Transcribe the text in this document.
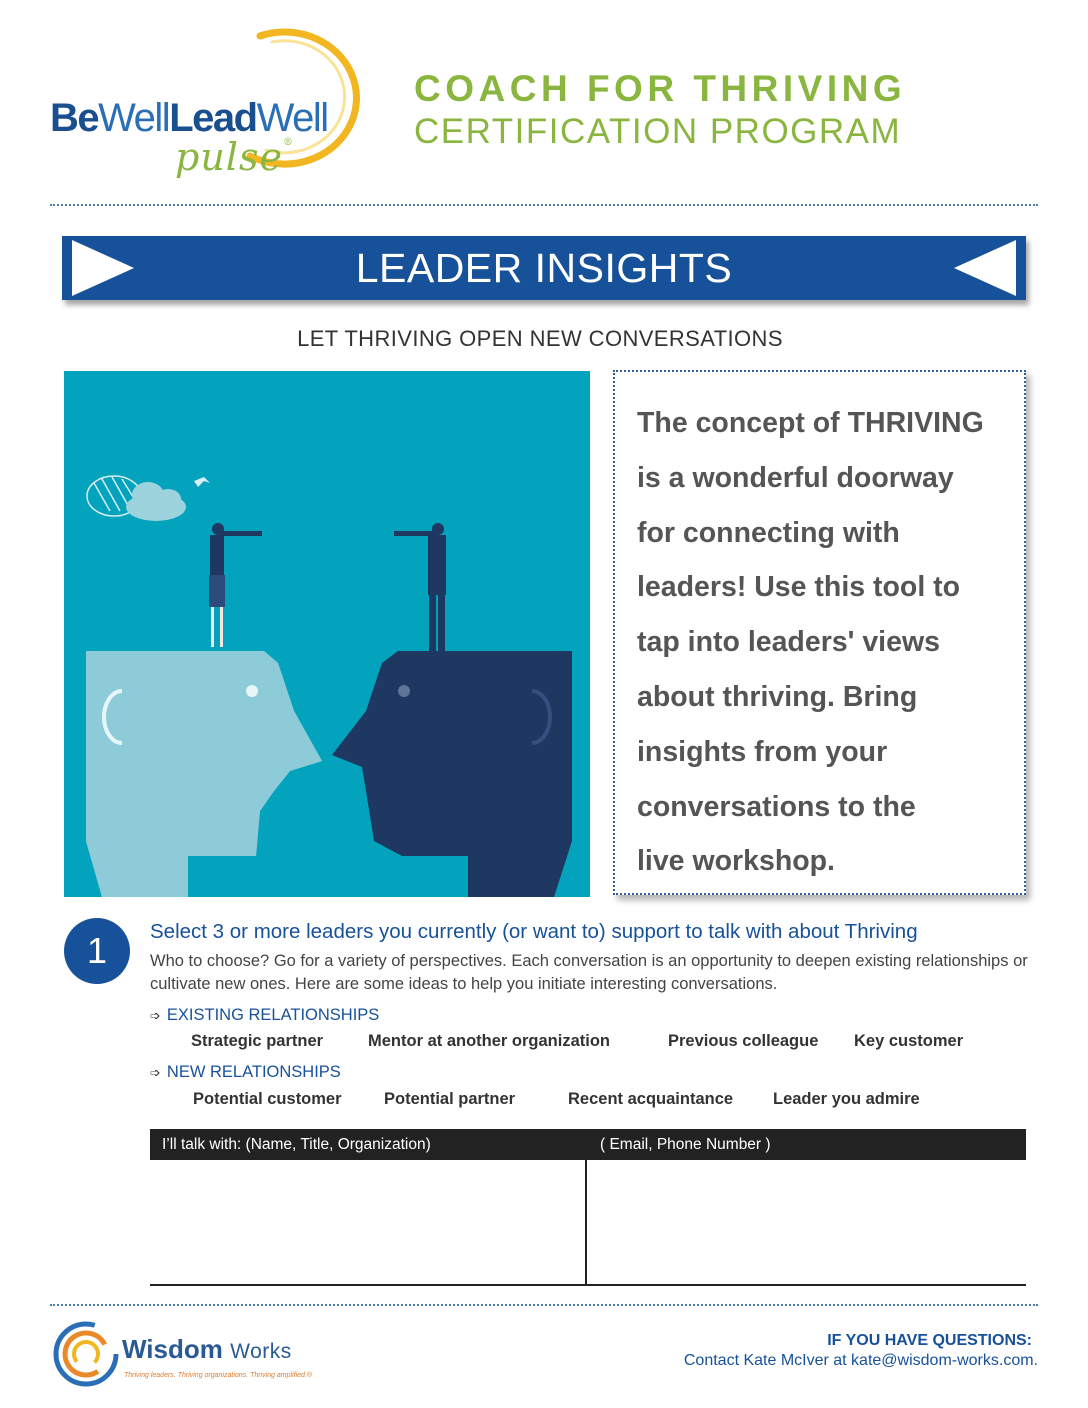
BeWellLeadWell
pulse®
COACH FOR THRIVING
CERTIFICATION PROGRAM
LEADER INSIGHTS
LET THRIVING OPEN NEW CONVERSATIONS
The concept of THRIVING
is a wonderful doorway
for connecting with
leaders! Use this tool to
tap into leaders' views
about thriving. Bring
insights from your
conversations to the
live workshop.
1	Select 3 or more leaders you currently (or want to) support to talk with about Thriving
Who to choose? Go for a variety of perspectives. Each conversation is an opportunity to deepen existing relationships or cultivate new ones. Here are some ideas to help you initiate interesting conversations.
➩ EXISTING RELATIONSHIPS
Strategic partner	Mentor at another organization	Previous colleague Key customer
➩ NEW RELATIONSHIPS
Potential customer	Potential partner	Recent acquaintance Leader you admire
I’ll talk with: (Name, Title, Organization)	( Email, Phone Number )
Wisdom Works
Thriving leaders. Thriving organizations. Thriving amplified.®
IF YOU HAVE QUESTIONS:
Contact Kate McIver at kate@wisdom-works.com.
